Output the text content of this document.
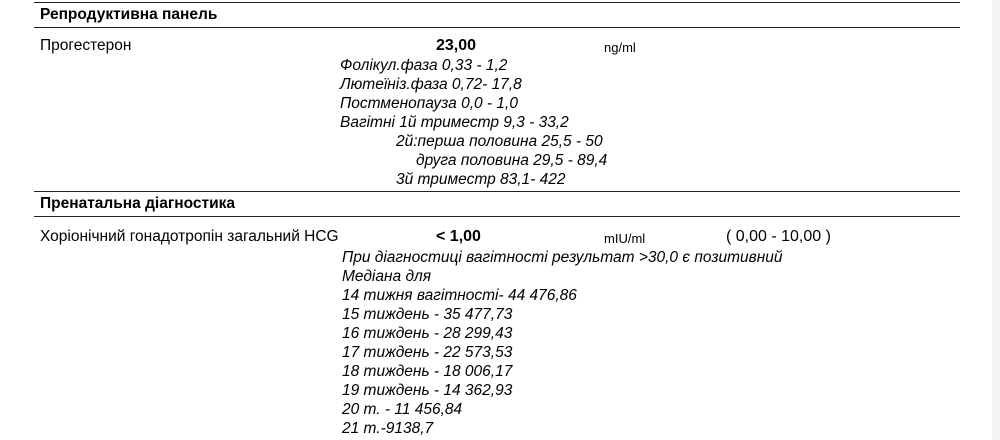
Репродуктивна панель
Прогестерон	23,00	ng/ml
Фолікул.фаза 0,33 - 1,2
Лютеїніз.фаза 0,72- 17,8
Постменопауза 0,0 - 1,0
Вагітні 1й триместр 9,3 - 33,2
2й:перша половина 25,5 - 50
друга половина 29,5 - 89,4
3й триместр 83,1- 422
Пренатальна діагностика
Хоріонічний гонадотропін загальний HCG	< 1,00	mIU/ml	( 0,00 - 10,00 )
При діагностиці вагітності результат >30,0 є позитивний
Медіана для
14 тижня вагітності- 44 476,86
15 тиждень - 35 477,73
16 тиждень - 28 299,43
17 тиждень - 22 573,53
18 тиждень - 18 006,17
19 тиждень - 14 362,93
20 т. - 11 456,84
21 т.-9138,7
